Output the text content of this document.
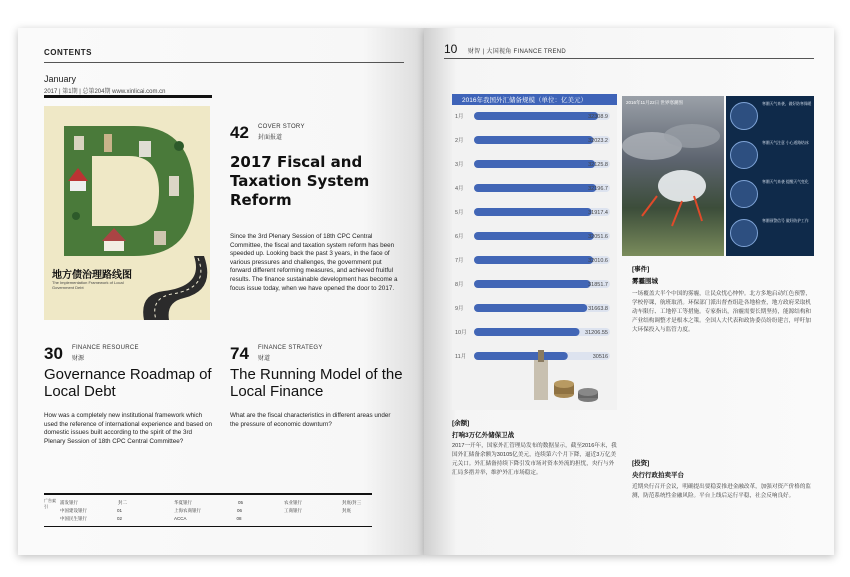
CONTENTS
January
2017 | 第1期 | 总第204期 www.xinlicai.com.cn
地方债治理路线图
The Implementation Framework of Local Government Debt
42 COVER STORY
封面报道
2017 Fiscal and Taxation System Reform
Since the 3rd Plenary Session of 18th CPC Central Committee, the fiscal and taxation system reform has been speeded up. Looking back the past 3 years, in the face of various pressures and challenges, the government put forward different reforming measures, and achieved fruitful results. The finance sustainable development has become a focus issue today, when we have opened the door to 2017.
30 FINANCE RESOURCE
财源
Governance Roadmap of Local Debt
How was a completely new institutional framework which used the reference of international experience and based on domestic issues built according to the spirit of the 3rd Plenary Session of 18th CPC Central Committee?
74 FINANCE STRATEGY
财道
The Running Model of the Local Finance
What are the fiscal characteristics in different areas under the pressure of economic downturn?
广告索引
浦发银行	封二
中国建设银行	01
中国民生银行	02
华夏银行	05
上海农商银行	06
ACCA	08
农业银行	封底/封三
工商银行	封底
10 财智 | 大国视角 FINANCE TREND
2016年我国外汇储备规模（单位：亿美元）
1月	32308.9
2月	32023.2
3月	32125.8
4月	32196.7
5月	31917.4
6月	32051.6
7月	32010.6
8月	31851.7
9月	31663.8
10月	31206.55
11月	30516
2016年11月22日 世界寒潮图	寒潮天气来袭，做好防寒保暖
寒潮天气注意 小心道路结冰
寒潮天气来袭 提醒天气变化
寒潮预警信号 做好防护工作
[余额]
打响3万亿外储保卫战
2017一开年，国家外汇管理局发布的数据显示，截至2016年末，我国外汇储备余额为30105亿美元，连续第六个月下降，逼近3万亿美元关口。外汇储备持续下降引发市场对资本外流的担忧，央行与外汇局多措并举，维护外汇市场稳定。
[事件]
雾霾围城
一场覆盖大半个中国的雾霾，让民众忧心忡忡。北方多地启动红色预警，学校停课，航班取消。环保部门派出督查组赴各地检查，地方政府采取机动车限行、工地停工等措施。专家指出，治霾需要长期坚持，能源结构和产业结构调整才是根本之策。全国人大代表和政协委员纷纷建言，呼吁加大环保投入与监管力度。
[投资]
央行行政拍卖平台
近期央行召开会议，明确提出要稳妥推进金融改革，加强对资产价格的监测，防范系统性金融风险。平台上线后运行平稳，社会反响良好。
